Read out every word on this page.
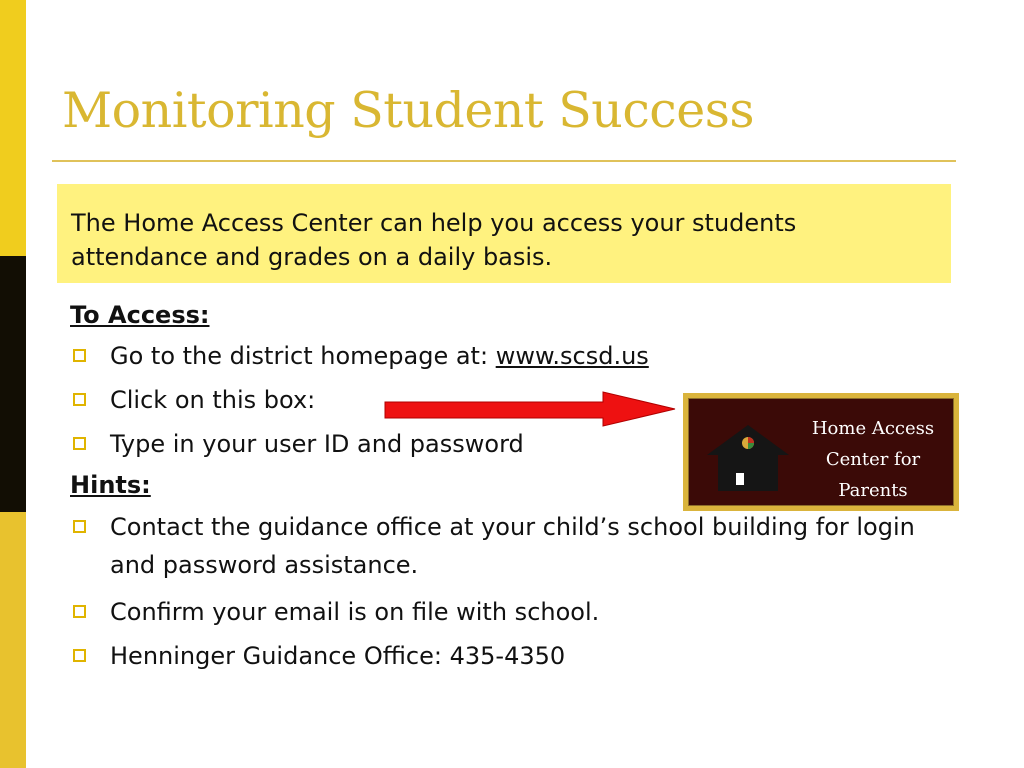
Monitoring Student Success
The Home Access Center can help you access your students attendance and grades on a daily basis.
To Access:
Go to the district homepage at: www.scsd.us
Click on this box:
Type in your user ID and password
Hints:
Contact the guidance office at your child’s school building for login and password assistance.
Confirm your email is on file with school.
Henninger Guidance Office: 435-4350
Home Access
Center for
Parents
